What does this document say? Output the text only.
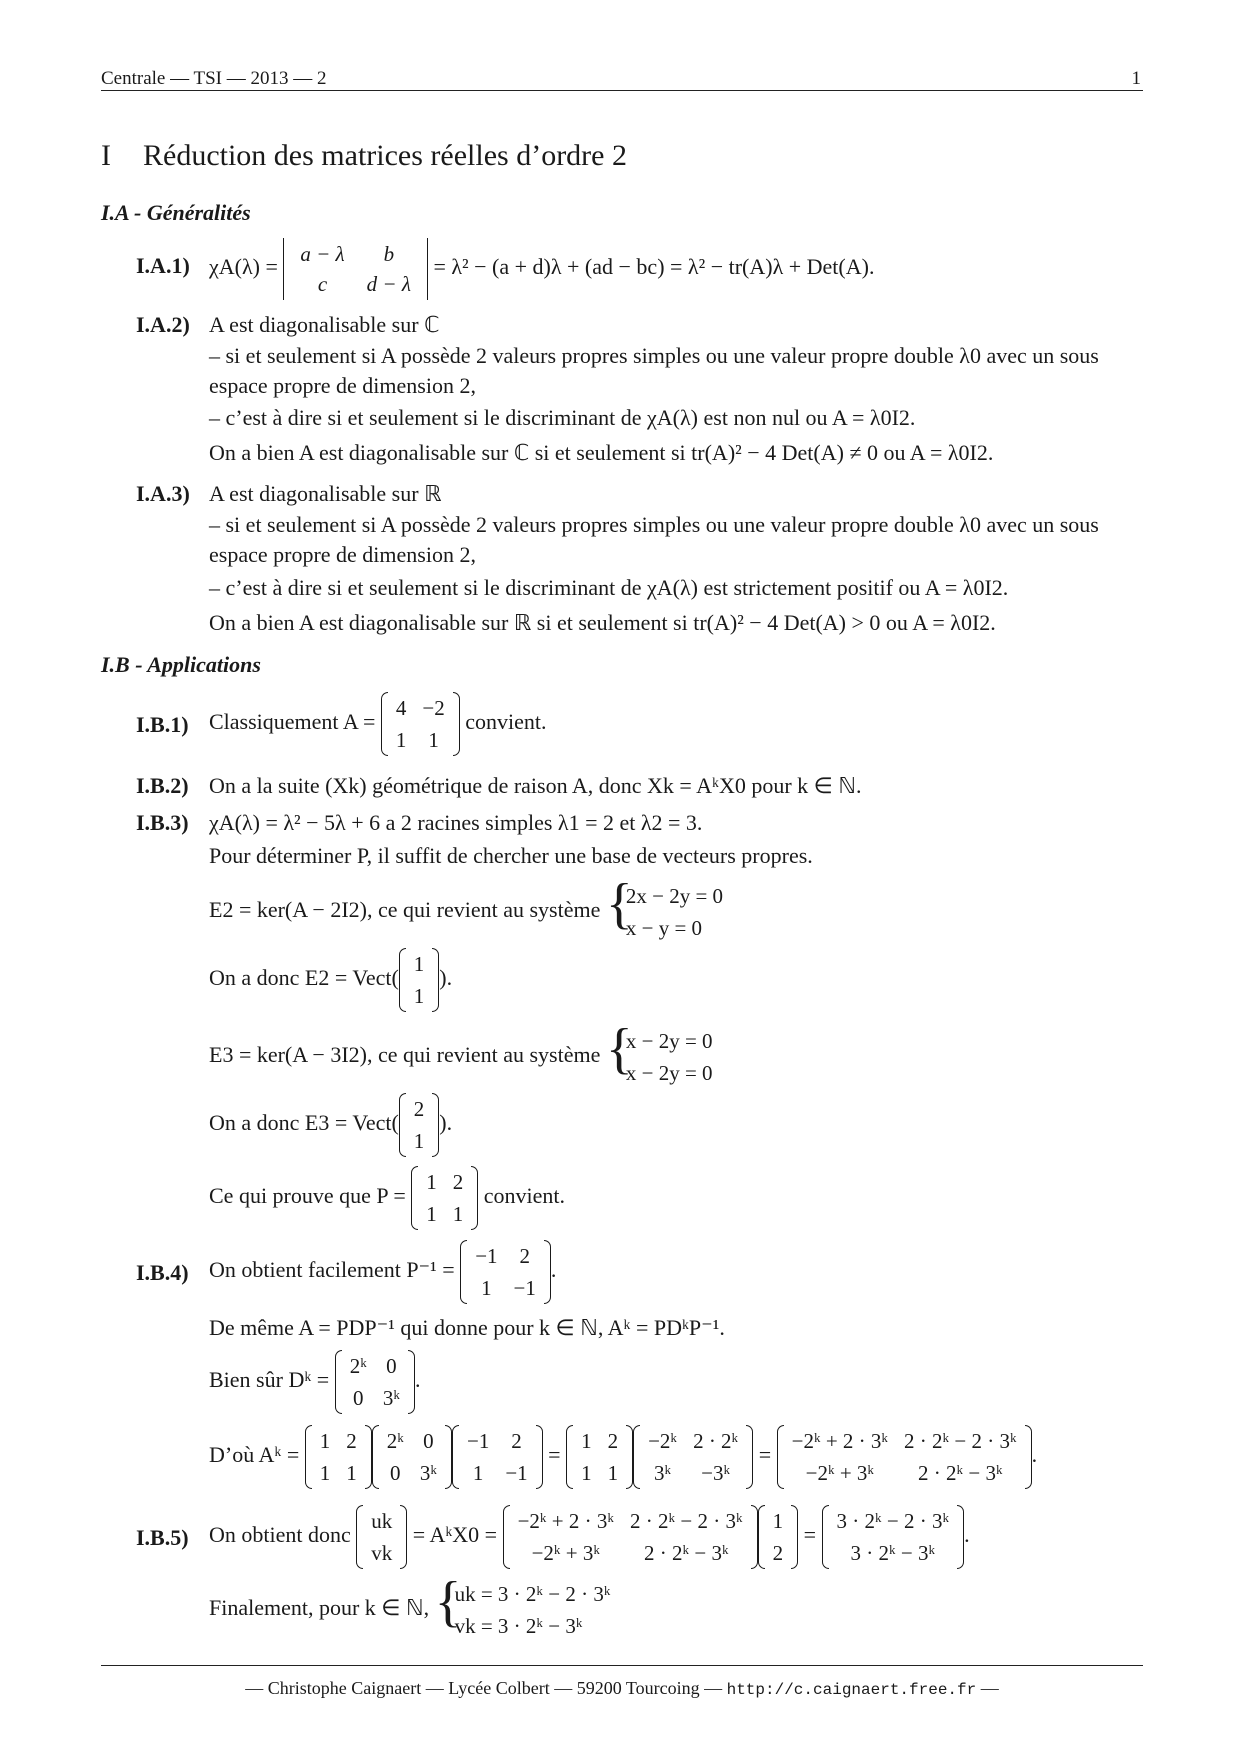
Centrale — TSI — 2013 — 2	1
I Réduction des matrices réelles d’ordre 2
I.A - Généralités
I.A.1) χA(λ) =
a − λ	b
c	d − λ
= λ² − (a + d)λ + (ad − bc) = λ² − tr(A)λ + Det(A).
I.A.2) A est diagonalisable sur ℂ
– si et seulement si A possède 2 valeurs propres simples ou une valeur propre double λ0 avec un sous espace propre de dimension 2,
– c’est à dire si et seulement si le discriminant de χA(λ) est non nul ou A = λ0I2.
On a bien A est diagonalisable sur ℂ si et seulement si tr(A)² − 4 Det(A) ≠ 0 ou A = λ0I2.
I.A.3) A est diagonalisable sur ℝ
– si et seulement si A possède 2 valeurs propres simples ou une valeur propre double λ0 avec un sous espace propre de dimension 2,
– c’est à dire si et seulement si le discriminant de χA(λ) est strictement positif ou A = λ0I2.
On a bien A est diagonalisable sur ℝ si et seulement si tr(A)² − 4 Det(A) > 0 ou A = λ0I2.
I.B - Applications
I.B.1) Classiquement A =
4	−2
1	1
convient.
I.B.2) On a la suite (Xk) géométrique de raison A, donc Xk = AᵏX0 pour k ∈ ℕ.
I.B.3) χA(λ) = λ² − 5λ + 6 a 2 racines simples λ1 = 2 et λ2 = 3.
Pour déterminer P, il suffit de chercher une base de vecteurs propres.
E2 = ker(A − 2I2), ce qui revient au système
{ 2x − 2y = 0
x − y = 0
On a donc E2 = Vect(
1
1
).
E3 = ker(A − 3I2), ce qui revient au système
{ x − 2y = 0
x − 2y = 0
On a donc E3 = Vect(
2
1
).
Ce qui prouve que P =
1	2
1	1
convient.
I.B.4) On obtient facilement P⁻¹ =
−1	2
1	−1
.
De même A = PDP⁻¹ qui donne pour k ∈ ℕ, Aᵏ = PDᵏP⁻¹.
Bien sûr Dᵏ =
2ᵏ	0
0	3ᵏ
.
D’où Aᵏ =
1	2
1	1
2ᵏ	0
0	3ᵏ
−1	2
1	−1
=
1	2
1	1
−2ᵏ	2 · 2ᵏ
3ᵏ	−3ᵏ
=
−2ᵏ + 2 · 3ᵏ	2 · 2ᵏ − 2 · 3ᵏ
−2ᵏ + 3ᵏ	2 · 2ᵏ − 3ᵏ
.
I.B.5) On obtient donc
uk
vk
= AᵏX0 =
−2ᵏ + 2 · 3ᵏ	2 · 2ᵏ − 2 · 3ᵏ
−2ᵏ + 3ᵏ	2 · 2ᵏ − 3ᵏ
1
2
=
3 · 2ᵏ − 2 · 3ᵏ
3 · 2ᵏ − 3ᵏ
.
Finalement, pour k ∈ ℕ,
{ uk = 3 · 2ᵏ − 2 · 3ᵏ
vk = 3 · 2ᵏ − 3ᵏ
— Christophe Caignaert — Lycée Colbert — 59200 Tourcoing — http://c.caignaert.free.fr —
